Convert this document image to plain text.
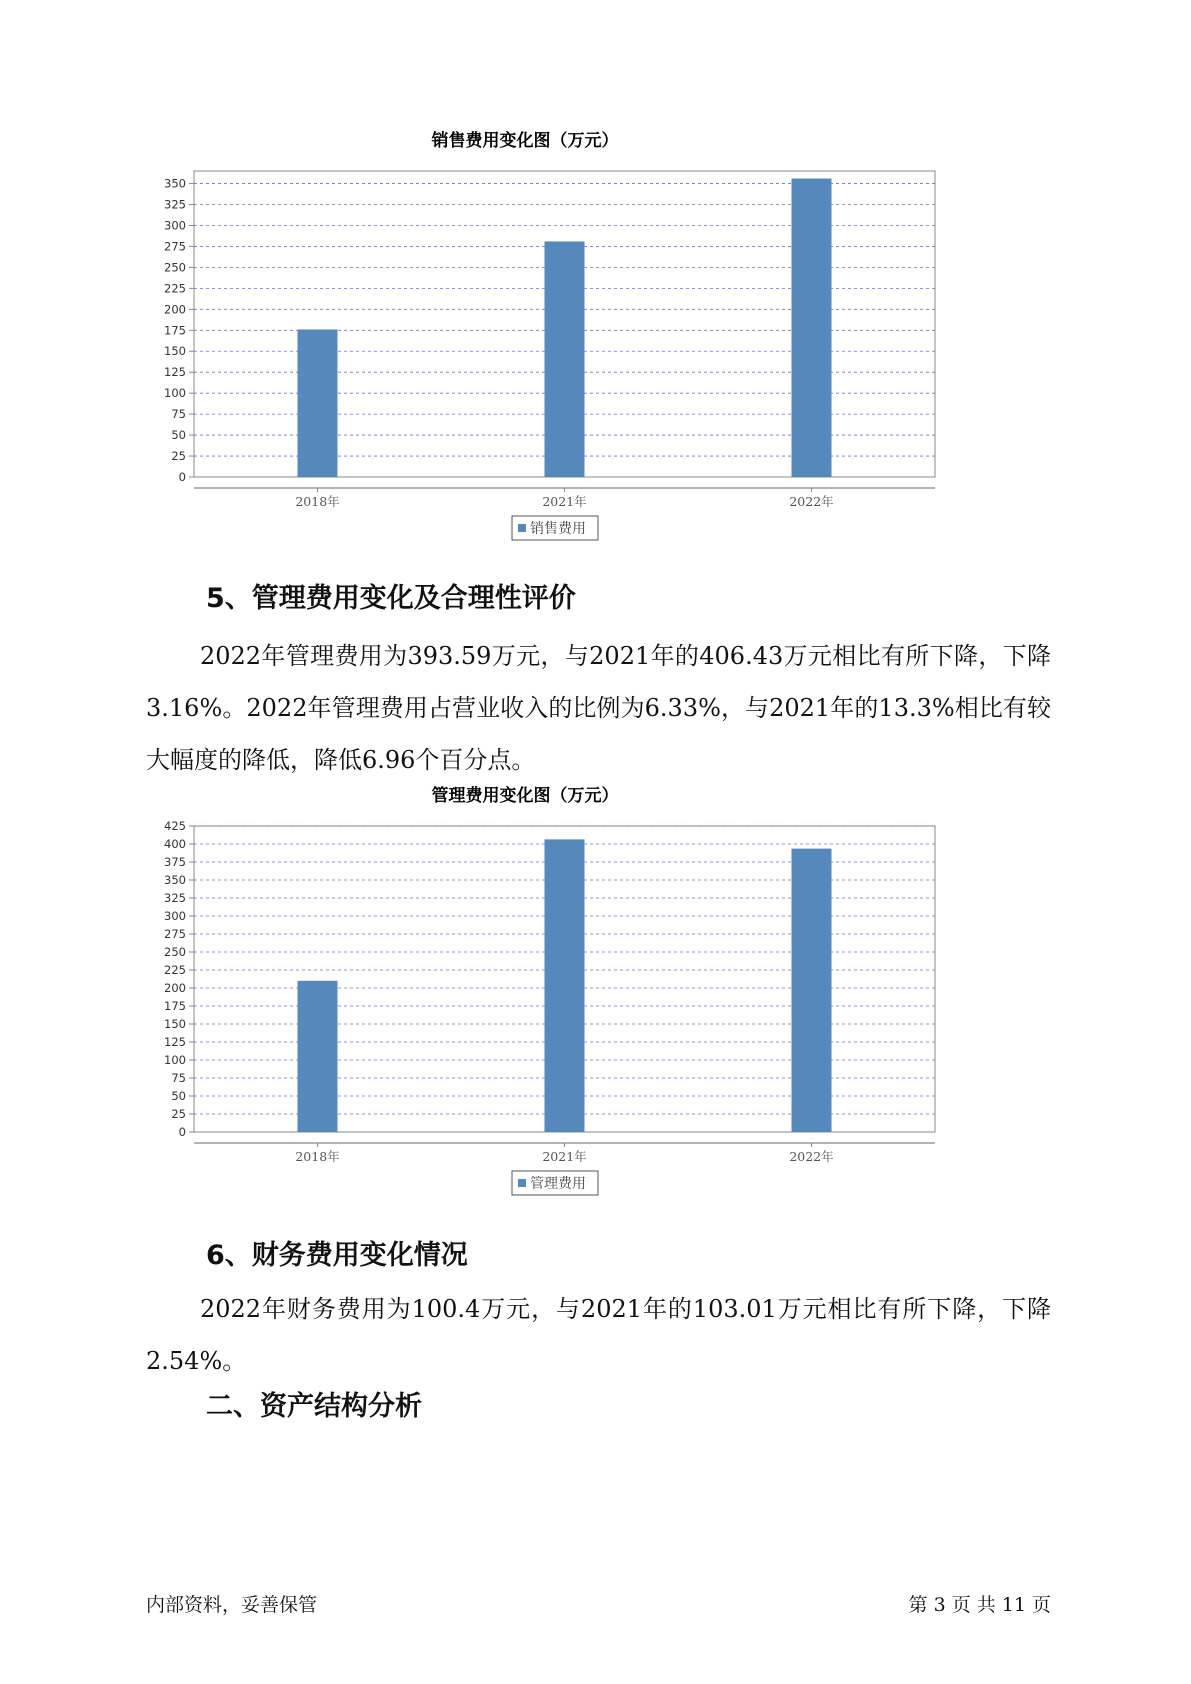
销售费用变化图（万元）
0
25
50
75
100
125
150
175
200
225
250
275
300
325
350
2018年	2021年	2022年
销售费用
5、管理费用变化及合理性评价

2022年管理费用为393.59万元，与2021年的406.43万元相比有所下降，下降3.16%。2022年管理费用占营业收入的比例为6.33%，与2021年的13.3%相比有较大幅度的降低，降低6.96个百分点。

管理费用变化图（万元）
0
25
50
75
100
125
150
175
200
225
250
275
300
325
350
375
400
425
2018年	2021年	2022年
管理费用
6、财务费用变化情况

2022年财务费用为100.4万元，与2021年的103.01万元相比有所下降，下降2.54%。

二、资产结构分析
内部资料，妥善保管	第 3 页 共 11 页
